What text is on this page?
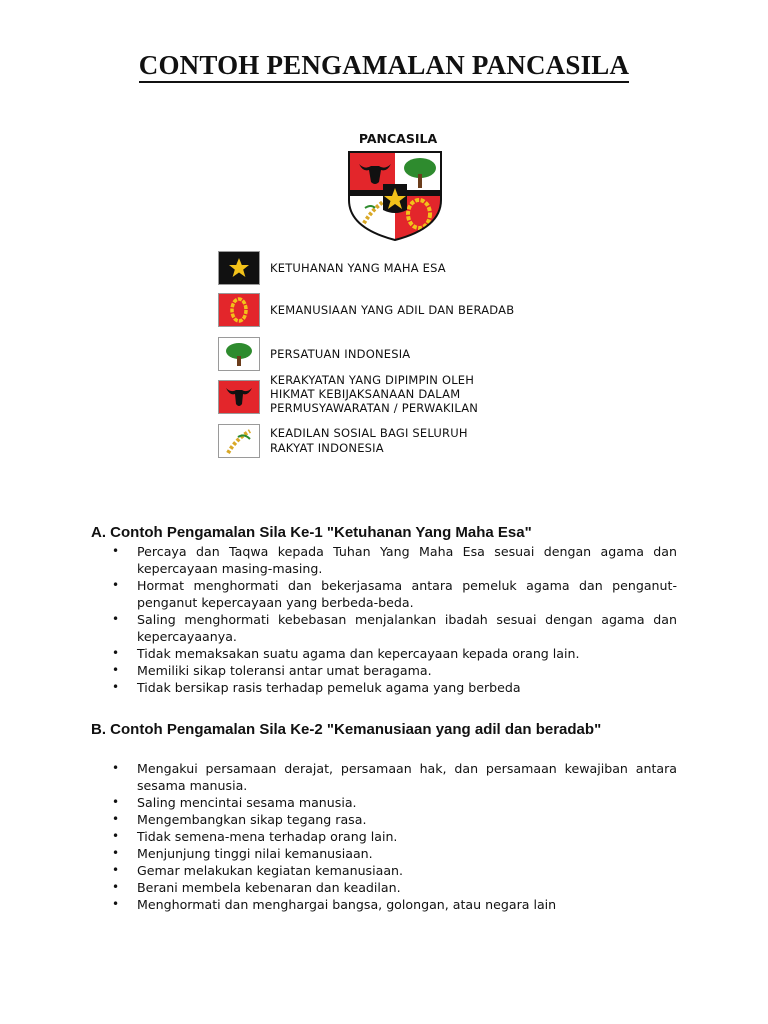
CONTOH PENGAMALAN PANCASILA
PANCASILA
KETUHANAN YANG MAHA ESA
KEMANUSIAAN YANG ADIL DAN BERADAB
PERSATUAN INDONESIA
KERAKYATAN YANG DIPIMPIN OLEH
HIKMAT KEBIJAKSANAAN DALAM
PERMUSYAWARATAN / PERWAKILAN
KEADILAN SOSIAL BAGI SELURUH
RAKYAT INDONESIA
A. Contoh Pengamalan Sila Ke-1 "Ketuhanan Yang Maha Esa"
• Percaya dan Taqwa kepada Tuhan Yang Maha Esa sesuai dengan agama dan kepercayaan masing-masing.
• Hormat menghormati dan bekerjasama antara pemeluk agama dan penganut-penganut kepercayaan yang berbeda-beda.
• Saling menghormati kebebasan menjalankan ibadah sesuai dengan agama dan kepercayaanya.
• Tidak memaksakan suatu agama dan kepercayaan kepada orang lain.
• Memiliki sikap toleransi antar umat beragama.
• Tidak bersikap rasis terhadap pemeluk agama yang berbeda
B. Contoh Pengamalan Sila Ke-2 "Kemanusiaan yang adil dan beradab"
• Mengakui persamaan derajat, persamaan hak, dan persamaan kewajiban antara sesama manusia.
• Saling mencintai sesama manusia.
• Mengembangkan sikap tegang rasa.
• Tidak semena-mena terhadap orang lain.
• Menjunjung tinggi nilai kemanusiaan.
• Gemar melakukan kegiatan kemanusiaan.
• Berani membela kebenaran dan keadilan.
• Menghormati dan menghargai bangsa, golongan, atau negara lain
